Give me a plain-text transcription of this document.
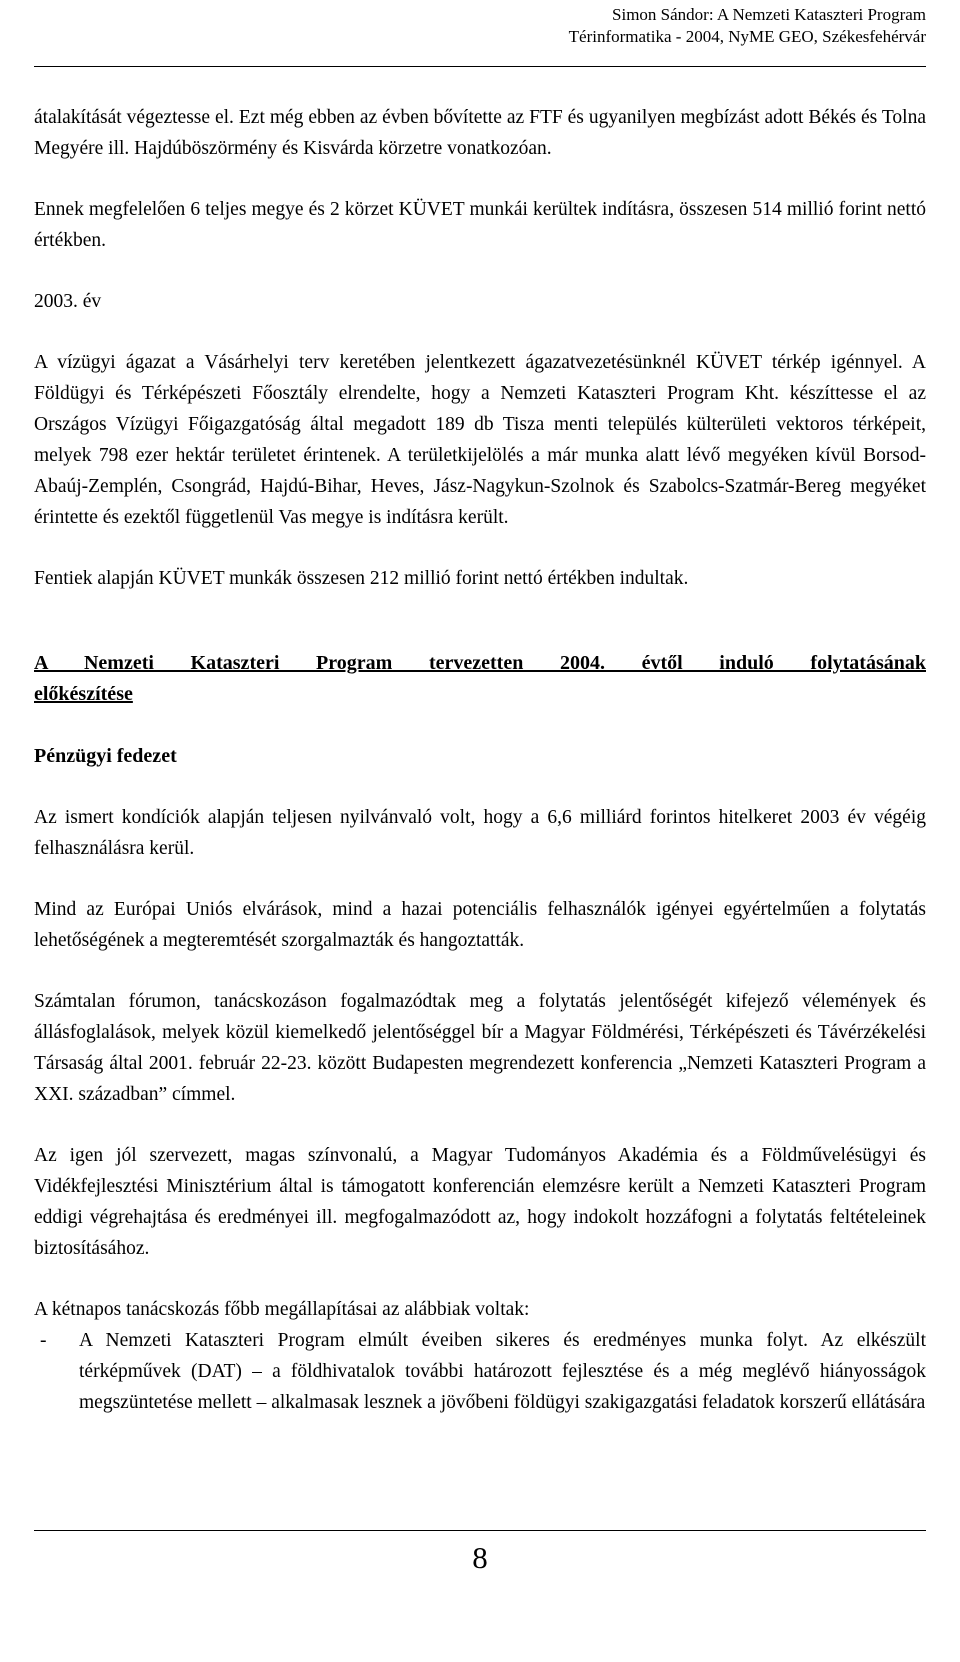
Simon Sándor: A Nemzeti Kataszteri Program
Térinformatika - 2004, NyME GEO, Székesfehérvár

átalakítását végeztesse el. Ezt még ebben az évben bővítette az FTF és ugyanilyen megbízást adott Békés és Tolna Megyére ill. Hajdúböszörmény és Kisvárda körzetre vonatkozóan.

Ennek megfelelően 6 teljes megye és 2 körzet KÜVET munkái kerültek indításra, összesen 514 millió forint nettó értékben.

2003. év

A vízügyi ágazat a Vásárhelyi terv keretében jelentkezett ágazatvezetésünknél KÜVET térkép igénnyel. A Földügyi és Térképészeti Főosztály elrendelte, hogy a Nemzeti Kataszteri Program Kht. készíttesse el az Országos Vízügyi Főigazgatóság által megadott 189 db Tisza menti település külterületi vektoros térképeit, melyek 798 ezer hektár területet érintenek. A területkijelölés a már munka alatt lévő megyéken kívül Borsod-Abaúj-Zemplén, Csongrád, Hajdú-Bihar, Heves, Jász-Nagykun-Szolnok és Szabolcs-Szatmár-Bereg megyéket érintette és ezektől függetlenül Vas megye is indításra került.

Fentiek alapján KÜVET munkák összesen 212 millió forint nettó értékben indultak.

A Nemzeti Kataszteri Program tervezetten 2004. évtől induló folytatásának előkészítése
Pénzügyi fedezet

Az ismert kondíciók alapján teljesen nyilvánvaló volt, hogy a 6,6 milliárd forintos hitelkeret 2003 év végéig felhasználásra kerül.

Mind az Európai Uniós elvárások, mind a hazai potenciális felhasználók igényei egyértelműen a folytatás lehetőségének a megteremtését szorgalmazták és hangoztatták.

Számtalan fórumon, tanácskozáson fogalmazódtak meg a folytatás jelentőségét kifejező vélemények és állásfoglalások, melyek közül kiemelkedő jelentőséggel bír a Magyar Földmérési, Térképészeti és Távérzékelési Társaság által 2001. február 22-23. között Budapesten megrendezett konferencia „Nemzeti Kataszteri Program a XXI. században” címmel.

Az igen jól szervezett, magas színvonalú, a Magyar Tudományos Akadémia és a Földművelésügyi és Vidékfejlesztési Minisztérium által is támogatott konferencián elemzésre került a Nemzeti Kataszteri Program eddigi végrehajtása és eredményei ill. megfogalmazódott az, hogy indokolt hozzáfogni a folytatás feltételeinek biztosításához.

A kétnapos tanácskozás főbb megállapításai az alábbiak voltak:

-	A Nemzeti Kataszteri Program elmúlt éveiben sikeres és eredményes munka folyt. Az elkészült térképművek (DAT) – a földhivatalok további határozott fejlesztése és a még meglévő hiányosságok megszüntetése mellett – alkalmasak lesznek a jövőbeni földügyi szakigazgatási feladatok korszerű ellátására
8
